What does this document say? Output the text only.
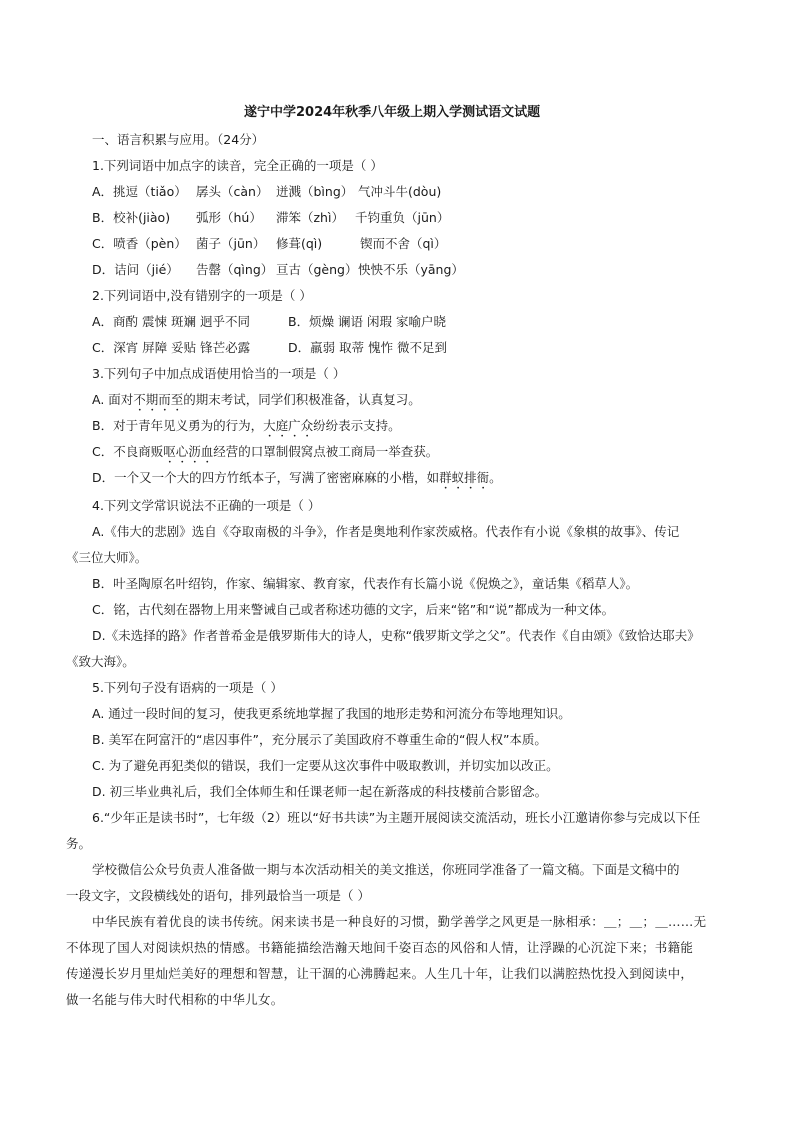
遂宁中学2024年秋季八年级上期入学测试语文试题
一、语言积累与应用。（24分）
1.下列词语中加点字的读音，完全正确的一项是（ ）
A．挑逗（tiǎo） 孱头（càn） 迸溅（bìng） 气冲斗牛(dòu)
B．校补(jiào) 弧形（hú） 滞笨（zhì） 千钧重负（jūn）
C．喷香（pèn） 菌子（jūn） 修葺(qì)	锲而不舍（qì）
D．诘问（jié） 告罄（qìng） 亘古（gèng） 怏怏不乐（yāng）
2.下列词语中,没有错别字的一项是（ ）
A．商酌 震悚 斑斓 迥乎不同	B．烦燥 谰语 闲瑕 家喻户晓
C．深宵 屏障 妥贴 锋芒必露	D．羸弱 取蒂 愧怍 微不足到
3.下列句子中加点成语使用恰当的一项是（ ）
A. 面对不期而至的期末考试，同学们积极准备，认真复习。
B．对于青年见义勇为的行为，大庭广众纷纷表示支持。
C．不良商贩呕心沥血经营的口罩制假窝点被工商局一举查获。
D．一个又一个大的四方竹纸本子，写满了密密麻麻的小楷，如群蚁排衙。
4.下列文学常识说法不正确的一项是（ ）
A.《伟大的悲剧》选自《夺取南极的斗争》，作者是奥地利作家茨威格。代表作有小说《象棋的故事》、传记
《三位大师》。
B．叶圣陶原名叶绍钧，作家、编辑家、教育家，代表作有长篇小说《倪焕之》，童话集《稻草人》。
C．铭，古代刻在器物上用来警诫自己或者称述功德的文字，后来“铭”和“说”都成为一种文体。
D.《未选择的路》作者普希金是俄罗斯伟大的诗人，史称“俄罗斯文学之父”。代表作《自由颂》《致恰达耶夫》
《致大海》。
5.下列句子没有语病的一项是（ ）
A. 通过一段时间的复习，使我更系统地掌握了我国的地形走势和河流分布等地理知识。
B. 美军在阿富汗的“虐囚事件”，充分展示了美国政府不尊重生命的“假人权”本质。
C. 为了避免再犯类似的错误，我们一定要从这次事件中吸取教训，并切实加以改正。
D. 初三毕业典礼后，我们全体师生和任课老师一起在新落成的科技楼前合影留念。
6.“少年正是读书时”，七年级（2）班以“好书共读”为主题开展阅读交流活动，班长小江邀请你参与完成以下任
务。
学校微信公众号负责人准备做一期与本次活动相关的美文推送，你班同学准备了一篇文稿。下面是文稿中的
一段文字，文段横线处的语句，排列最恰当一项是（ ）
中华民族有着优良的读书传统。闲来读书是一种良好的习惯，勤学善学之风更是一脉相承：＿；＿；＿……无
不体现了国人对阅读炽热的情感。书籍能描绘浩瀚天地间千姿百态的风俗和人情，让浮躁的心沉淀下来；书籍能
传递漫长岁月里灿烂美好的理想和智慧，让干涸的心沸腾起来。人生几十年，让我们以满腔热忱投入到阅读中，
做一名能与伟大时代相称的中华儿女。
